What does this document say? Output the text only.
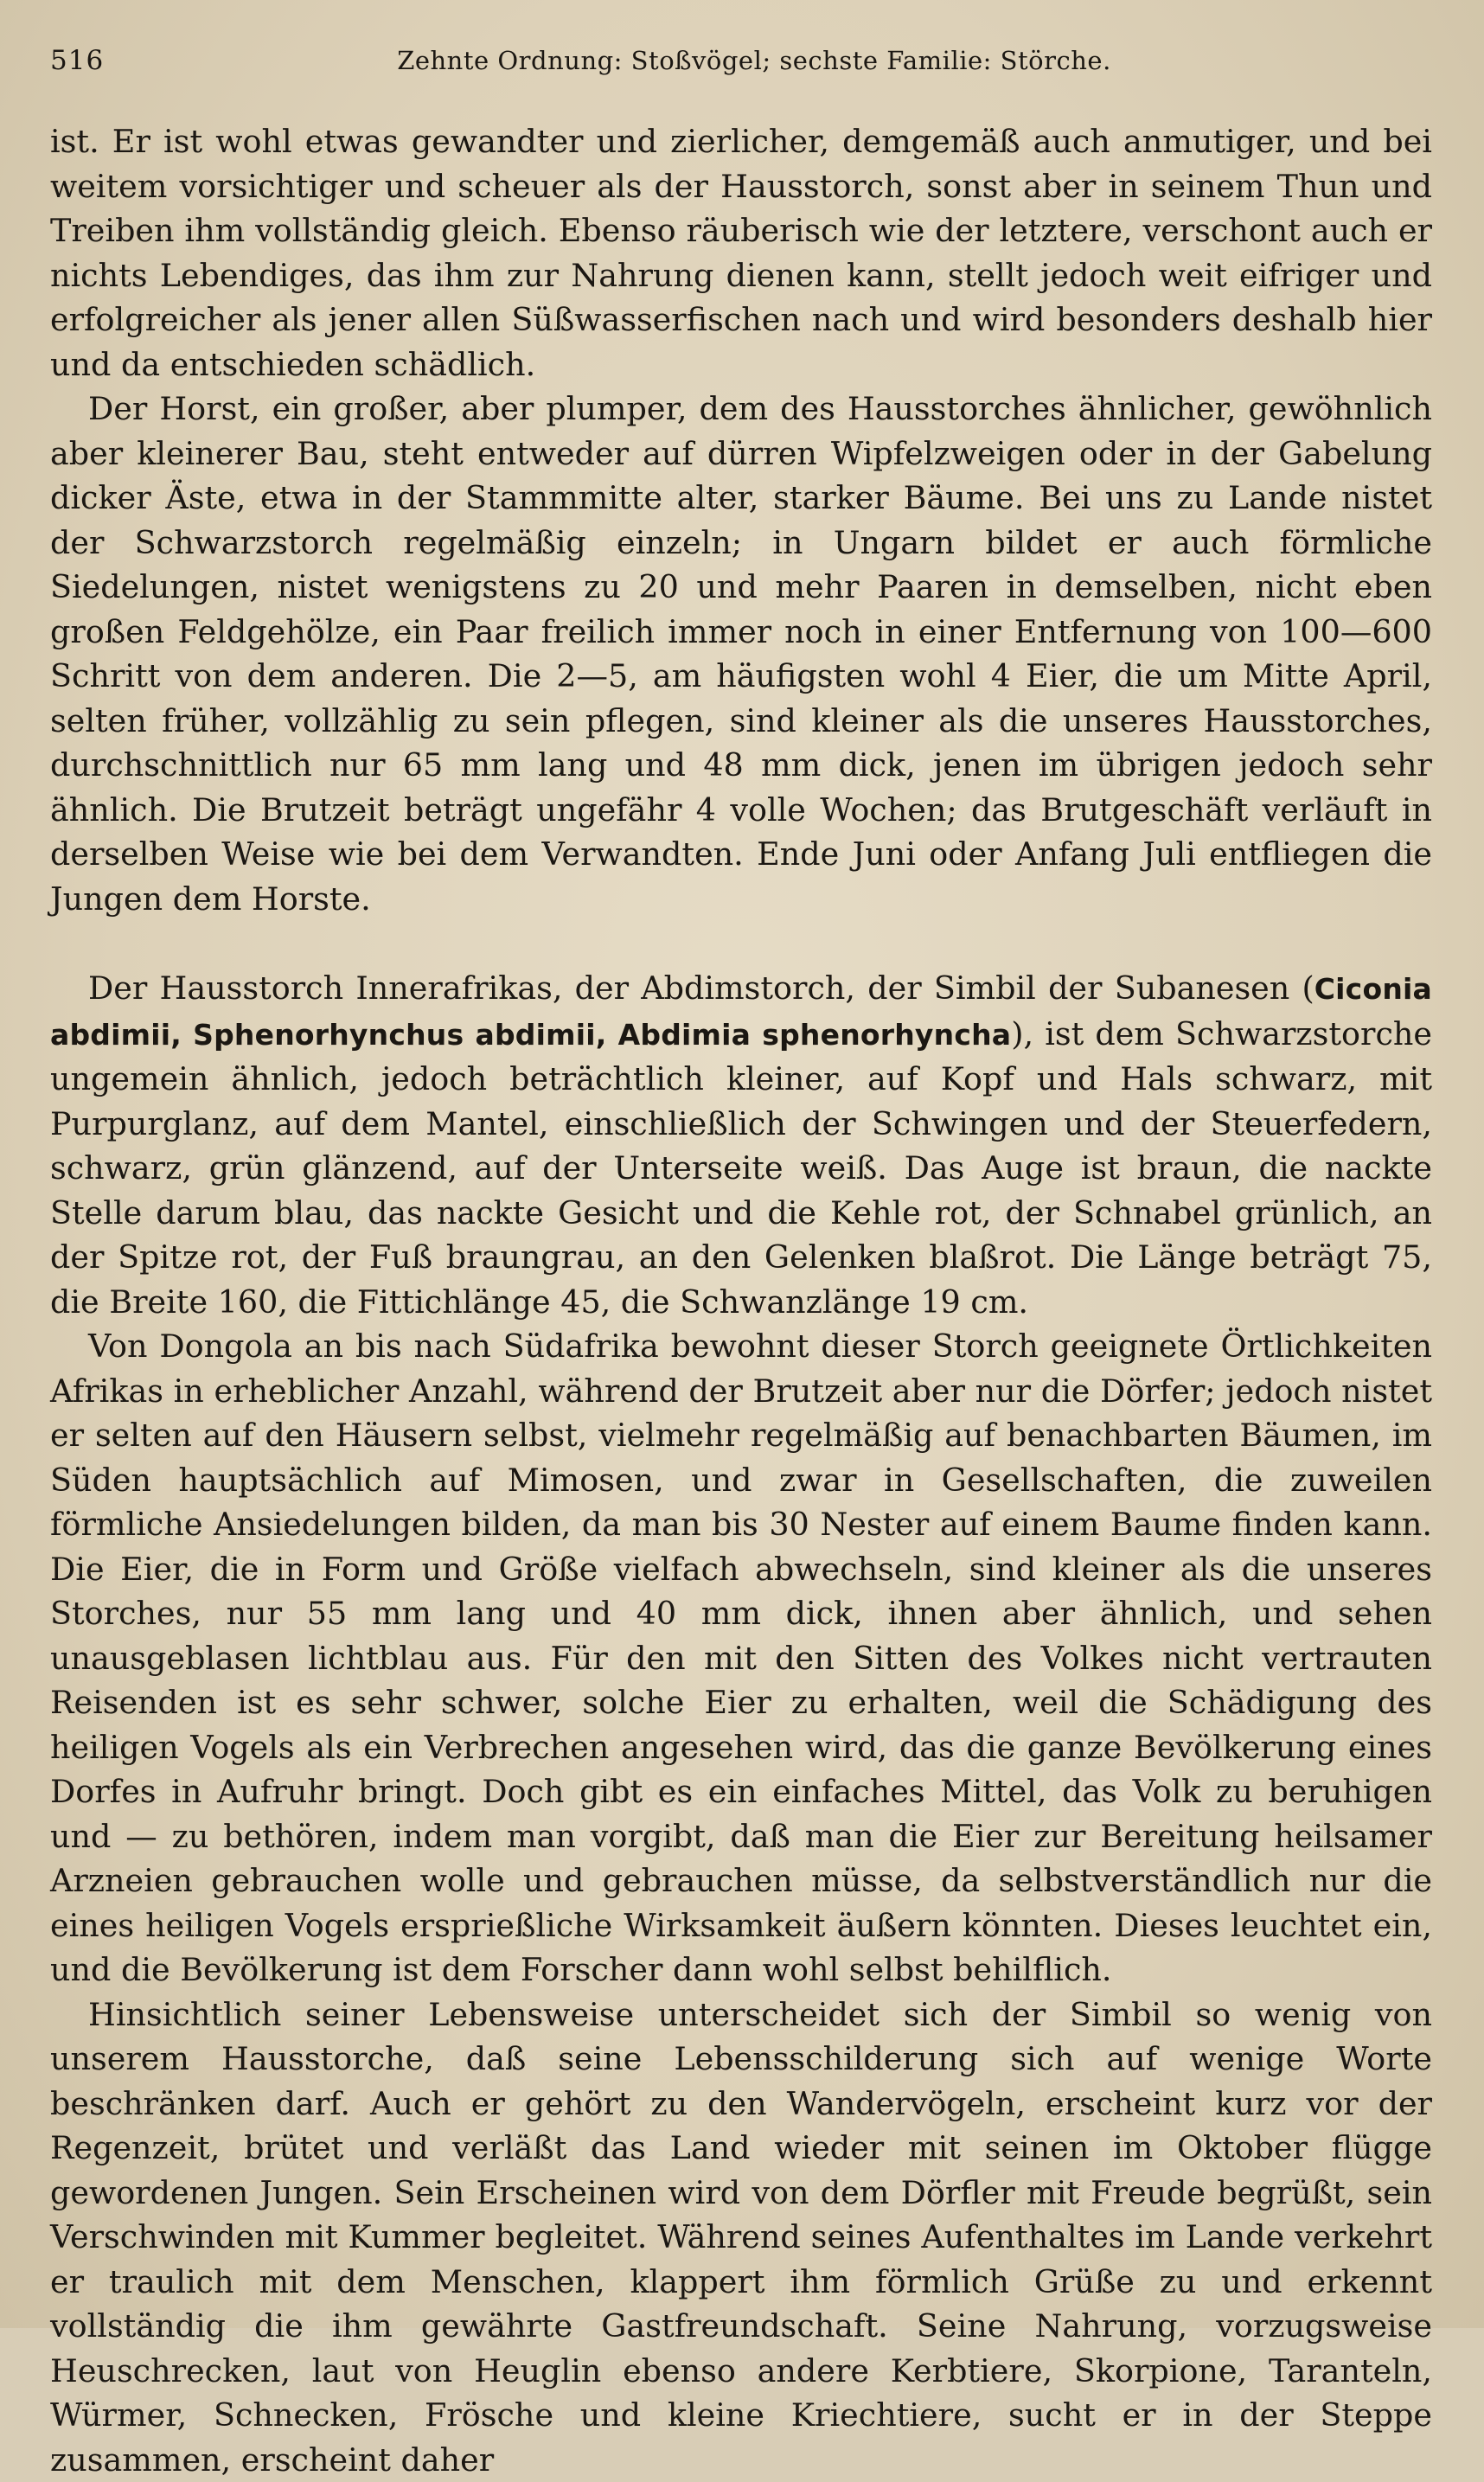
516	Zehnte Ordnung: Stoßvögel; sechste Familie: Störche.

ist. Er ist wohl etwas gewandter und zierlicher, demgemäß auch anmutiger, und bei weitem vorsichtiger und scheuer als der Hausstorch, sonst aber in seinem Thun und Treiben ihm vollständig gleich. Ebenso räuberisch wie der letztere, verschont auch er nichts Lebendiges, das ihm zur Nahrung dienen kann, stellt jedoch weit eifriger und erfolgreicher als jener allen Süßwasserfischen nach und wird besonders deshalb hier und da entschieden schädlich.

Der Horst, ein großer, aber plumper, dem des Hausstorches ähnlicher, gewöhnlich aber kleinerer Bau, steht entweder auf dürren Wipfelzweigen oder in der Gabelung dicker Äste, etwa in der Stammmitte alter, starker Bäume. Bei uns zu Lande nistet der Schwarzstorch regelmäßig einzeln; in Ungarn bildet er auch förmliche Siedelungen, nistet wenigstens zu 20 und mehr Paaren in demselben, nicht eben großen Feldgehölze, ein Paar freilich immer noch in einer Entfernung von 100—600 Schritt von dem anderen. Die 2—5, am häufigsten wohl 4 Eier, die um Mitte April, selten früher, vollzählig zu sein pflegen, sind kleiner als die unseres Hausstorches, durchschnittlich nur 65 mm lang und 48 mm dick, jenen im übrigen jedoch sehr ähnlich. Die Brutzeit beträgt ungefähr 4 volle Wochen; das Brutgeschäft verläuft in derselben Weise wie bei dem Verwandten. Ende Juni oder Anfang Juli entfliegen die Jungen dem Horste.

Der Hausstorch Innerafrikas, der Abdimstorch, der Simbil der Subanesen (Ciconia abdimii, Sphenorhynchus abdimii, Abdimia sphenorhyncha), ist dem Schwarzstorche ungemein ähnlich, jedoch beträchtlich kleiner, auf Kopf und Hals schwarz, mit Purpurglanz, auf dem Mantel, einschließlich der Schwingen und der Steuerfedern, schwarz, grün glänzend, auf der Unterseite weiß. Das Auge ist braun, die nackte Stelle darum blau, das nackte Gesicht und die Kehle rot, der Schnabel grünlich, an der Spitze rot, der Fuß braungrau, an den Gelenken blaßrot. Die Länge beträgt 75, die Breite 160, die Fittichlänge 45, die Schwanzlänge 19 cm.

Von Dongola an bis nach Südafrika bewohnt dieser Storch geeignete Örtlichkeiten Afrikas in erheblicher Anzahl, während der Brutzeit aber nur die Dörfer; jedoch nistet er selten auf den Häusern selbst, vielmehr regelmäßig auf benachbarten Bäumen, im Süden hauptsächlich auf Mimosen, und zwar in Gesellschaften, die zuweilen förmliche Ansiedelungen bilden, da man bis 30 Nester auf einem Baume finden kann. Die Eier, die in Form und Größe vielfach abwechseln, sind kleiner als die unseres Storches, nur 55 mm lang und 40 mm dick, ihnen aber ähnlich, und sehen unausgeblasen lichtblau aus. Für den mit den Sitten des Volkes nicht vertrauten Reisenden ist es sehr schwer, solche Eier zu erhalten, weil die Schädigung des heiligen Vogels als ein Verbrechen angesehen wird, das die ganze Bevölkerung eines Dorfes in Aufruhr bringt. Doch gibt es ein einfaches Mittel, das Volk zu beruhigen und — zu bethören, indem man vorgibt, daß man die Eier zur Bereitung heilsamer Arzneien gebrauchen wolle und gebrauchen müsse, da selbstverständlich nur die eines heiligen Vogels ersprießliche Wirksamkeit äußern könnten. Dieses leuchtet ein, und die Bevölkerung ist dem Forscher dann wohl selbst behilflich.

Hinsichtlich seiner Lebensweise unterscheidet sich der Simbil so wenig von unserem Hausstorche, daß seine Lebensschilderung sich auf wenige Worte beschränken darf. Auch er gehört zu den Wandervögeln, erscheint kurz vor der Regenzeit, brütet und verläßt das Land wieder mit seinen im Oktober flügge gewordenen Jungen. Sein Erscheinen wird von dem Dörfler mit Freude begrüßt, sein Verschwinden mit Kummer begleitet. Während seines Aufenthaltes im Lande verkehrt er traulich mit dem Menschen, klappert ihm förmlich Grüße zu und erkennt vollständig die ihm gewährte Gastfreundschaft. Seine Nahrung, vorzugsweise Heuschrecken, laut von Heuglin ebenso andere Kerbtiere, Skorpione, Taranteln, Würmer, Schnecken, Frösche und kleine Kriechtiere, sucht er in der Steppe zusammen, erscheint daher
